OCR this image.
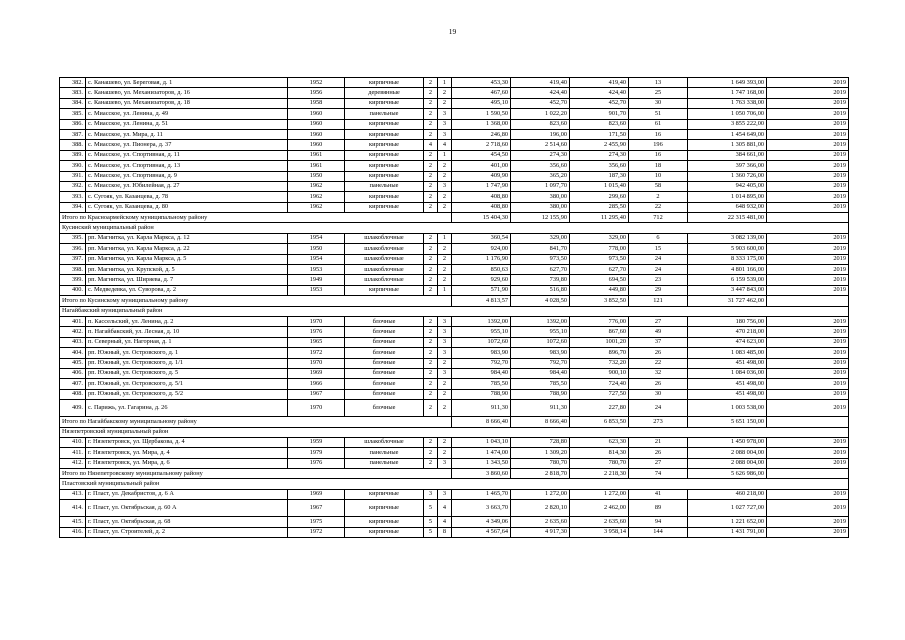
19
382.	с. Канашево, ул. Береговая, д. 1	1952	кирпичные	2	1	453,30	419,40	419,40	13	1 649 393,00	2019
383.	с. Канашево, ул. Механизаторов, д. 16	1956	деревянные	2	2	467,60	424,40	424,40	25	1 747 168,00	2019
384.	с. Канашево, ул. Механизаторов, д. 18	1958	кирпичные	2	2	495,10	452,70	452,70	30	1 763 338,00	2019
385.	с. Миасское, ул. Ленина, д. 49	1960	панельные	2	3	1 590,50	1 022,20	901,70	51	1 050 706,00	2019
386.	с. Миасское, ул. Ленина, д. 51	1960	кирпичные	2	3	1 368,00	823,60	823,60	61	3 855 222,00	2019
387.	с. Миасское, ул. Мира, д. 11	1960	кирпичные	2	3	246,80	196,00	171,50	16	1 454 649,00	2019
388.	с. Миасское, ул. Пионера, д. 37	1960	кирпичные	4	4	2 718,60	2 514,60	2 455,90	196	1 305 881,00	2019
389.	с. Миасское, ул. Спортивная, д. 11	1961	кирпичные	2	1	454,50	274,30	274,30	16	384 661,00	2019
390.	с. Миасское, ул. Спортивная, д. 13	1961	кирпичные	2	2	401,00	356,60	356,60	18	397 366,00	2019
391.	с. Миасское, ул. Спортивная, д. 9	1950	кирпичные	2	2	409,90	365,20	187,30	10	1 360 726,00	2019
392.	с. Миасское, ул. Юбилейная, д. 27	1962	панельные	2	3	1 747,90	1 097,70	1 015,40	58	942 405,00	2019
393.	с. Сугояк, ул. Казанцева, д. 78	1962	кирпичные	2	2	408,80	380,00	299,60	2	1 014 895,00	2019
394.	с. Сугояк, ул. Казанцева, д. 80	1962	кирпичные	2	2	408,80	380,00	285,50	22	648 932,00	2019
Итого по Красноармейскому муниципальному району						15 404,30	12 155,90	11 295,40	712	22 315 481,00	
Кусинский муниципальный район											
395.	рп. Магнитка, ул. Карла Маркса, д. 12	1954	шлакоблочные	2	1	360,54	329,00	329,00	6	3 082 139,00	2019
396.	рп. Магнитка, ул. Карла Маркса, д. 22	1950	шлакоблочные	2	2	924,00	841,70	778,00	15	5 903 600,00	2019
397.	рп. Магнитка, ул. Карла Маркса, д. 5	1954	шлакоблочные	2	2	1 176,90	973,50	973,50	24	8 333 175,00	2019
398.	рп. Магнитка, ул. Крупской, д. 5	1953	шлакоблочные	2	2	850,63	627,70	627,70	24	4 801 166,00	2019
399.	рп. Магнитка, ул. Ширяева, д. 7	1949	шлакоблочные	2	2	929,60	739,80	694,50	23	6 159 539,00	2019
400.	с. Медведевка, ул. Суворова, д. 2	1953	кирпичные	2	1	571,90	516,80	449,80	29	3 447 843,00	2019
Итого по Кусинскому муниципальному району						4 813,57	4 028,50	3 852,50	121	31 727 462,00	
Нагайбакский муниципальный район											
401.	п. Кассельский, ул. Ленина, д. 2	1970	блочные	2	3	1392,00	1392,00	776,00	27	180 756,00	2019
402.	п. Нагайбакский, ул. Лесная, д. 10	1976	блочные	2	3	955,10	955,10	867,60	49	470 218,00	2019
403.	п. Северный, ул. Нагорная, д. 1	1965	блочные	2	3	1072,60	1072,60	1001,20	37	474 623,00	2019
404.	рп. Южный, ул. Островского, д. 1	1972	блочные	2	3	983,90	983,90	896,70	26	1 083 485,00	2019
405.	рп. Южный, ул. Островского, д. 1/1	1970	блочные	2	2	792,70	792,70	732,20	22	451 498,00	2019
406.	рп. Южный, ул. Островского, д. 5	1969	блочные	2	3	984,40	984,40	900,10	32	1 084 036,00	2019
407.	рп. Южный, ул. Островского, д. 5/1	1966	блочные	2	2	785,50	785,50	724,40	26	451 498,00	2019
408.	рп. Южный, ул. Островского, д. 5/2	1967	блочные	2	2	788,90	788,90	727,50	30	451 498,00	2019
409.	с. Парижь, ул. Гагарина, д. 26	1970	блочные	2	2	911,30	911,30	227,80	24	1 003 538,00	2019
Итого по Нагайбакскому муниципальному району						8 666,40	8 666,40	6 853,50	273	5 651 150,00	
Нязепетровский муниципальный район											
410.	г. Нязепетровск, ул. Щербакова, д. 4	1959	шлакоблочные	2	2	1 043,10	728,80	623,30	21	1 450 978,00	2019
411.	г. Нязепетровск, ул. Мира, д. 4	1979	панельные	2	2	1 474,00	1 309,20	814,30	26	2 088 004,00	2019
412.	г. Нязепетровск, ул. Мира, д. 6	1976	панельные	2	3	1 343,50	780,70	780,70	27	2 088 004,00	2019
Итого по Нязепетровскому муниципальному району						3 860,60	2 818,70	2 218,30	74	5 626 986,00	
Пластовский муниципальный район											
413.	г. Пласт, ул. Декабристов, д. 6 А	1969	кирпичные	3	3	1 465,70	1 272,00	1 272,00	41	460 218,00	2019
414.	г. Пласт, ул. Октябрьская, д. 60 А	1967	кирпичные	5	4	3 663,70	2 820,10	2 462,00	89	1 027 727,00	2019
415.	г. Пласт, ул. Октябрьская, д. 68	1975	кирпичные	5	4	4 349,06	2 635,60	2 635,60	94	1 221 652,00	2019
416.	г. Пласт, ул. Строителей, д. 2	1972	кирпичные	5	8	4 567,64	4 917,30	3 958,14	144	1 431 791,00	2019
